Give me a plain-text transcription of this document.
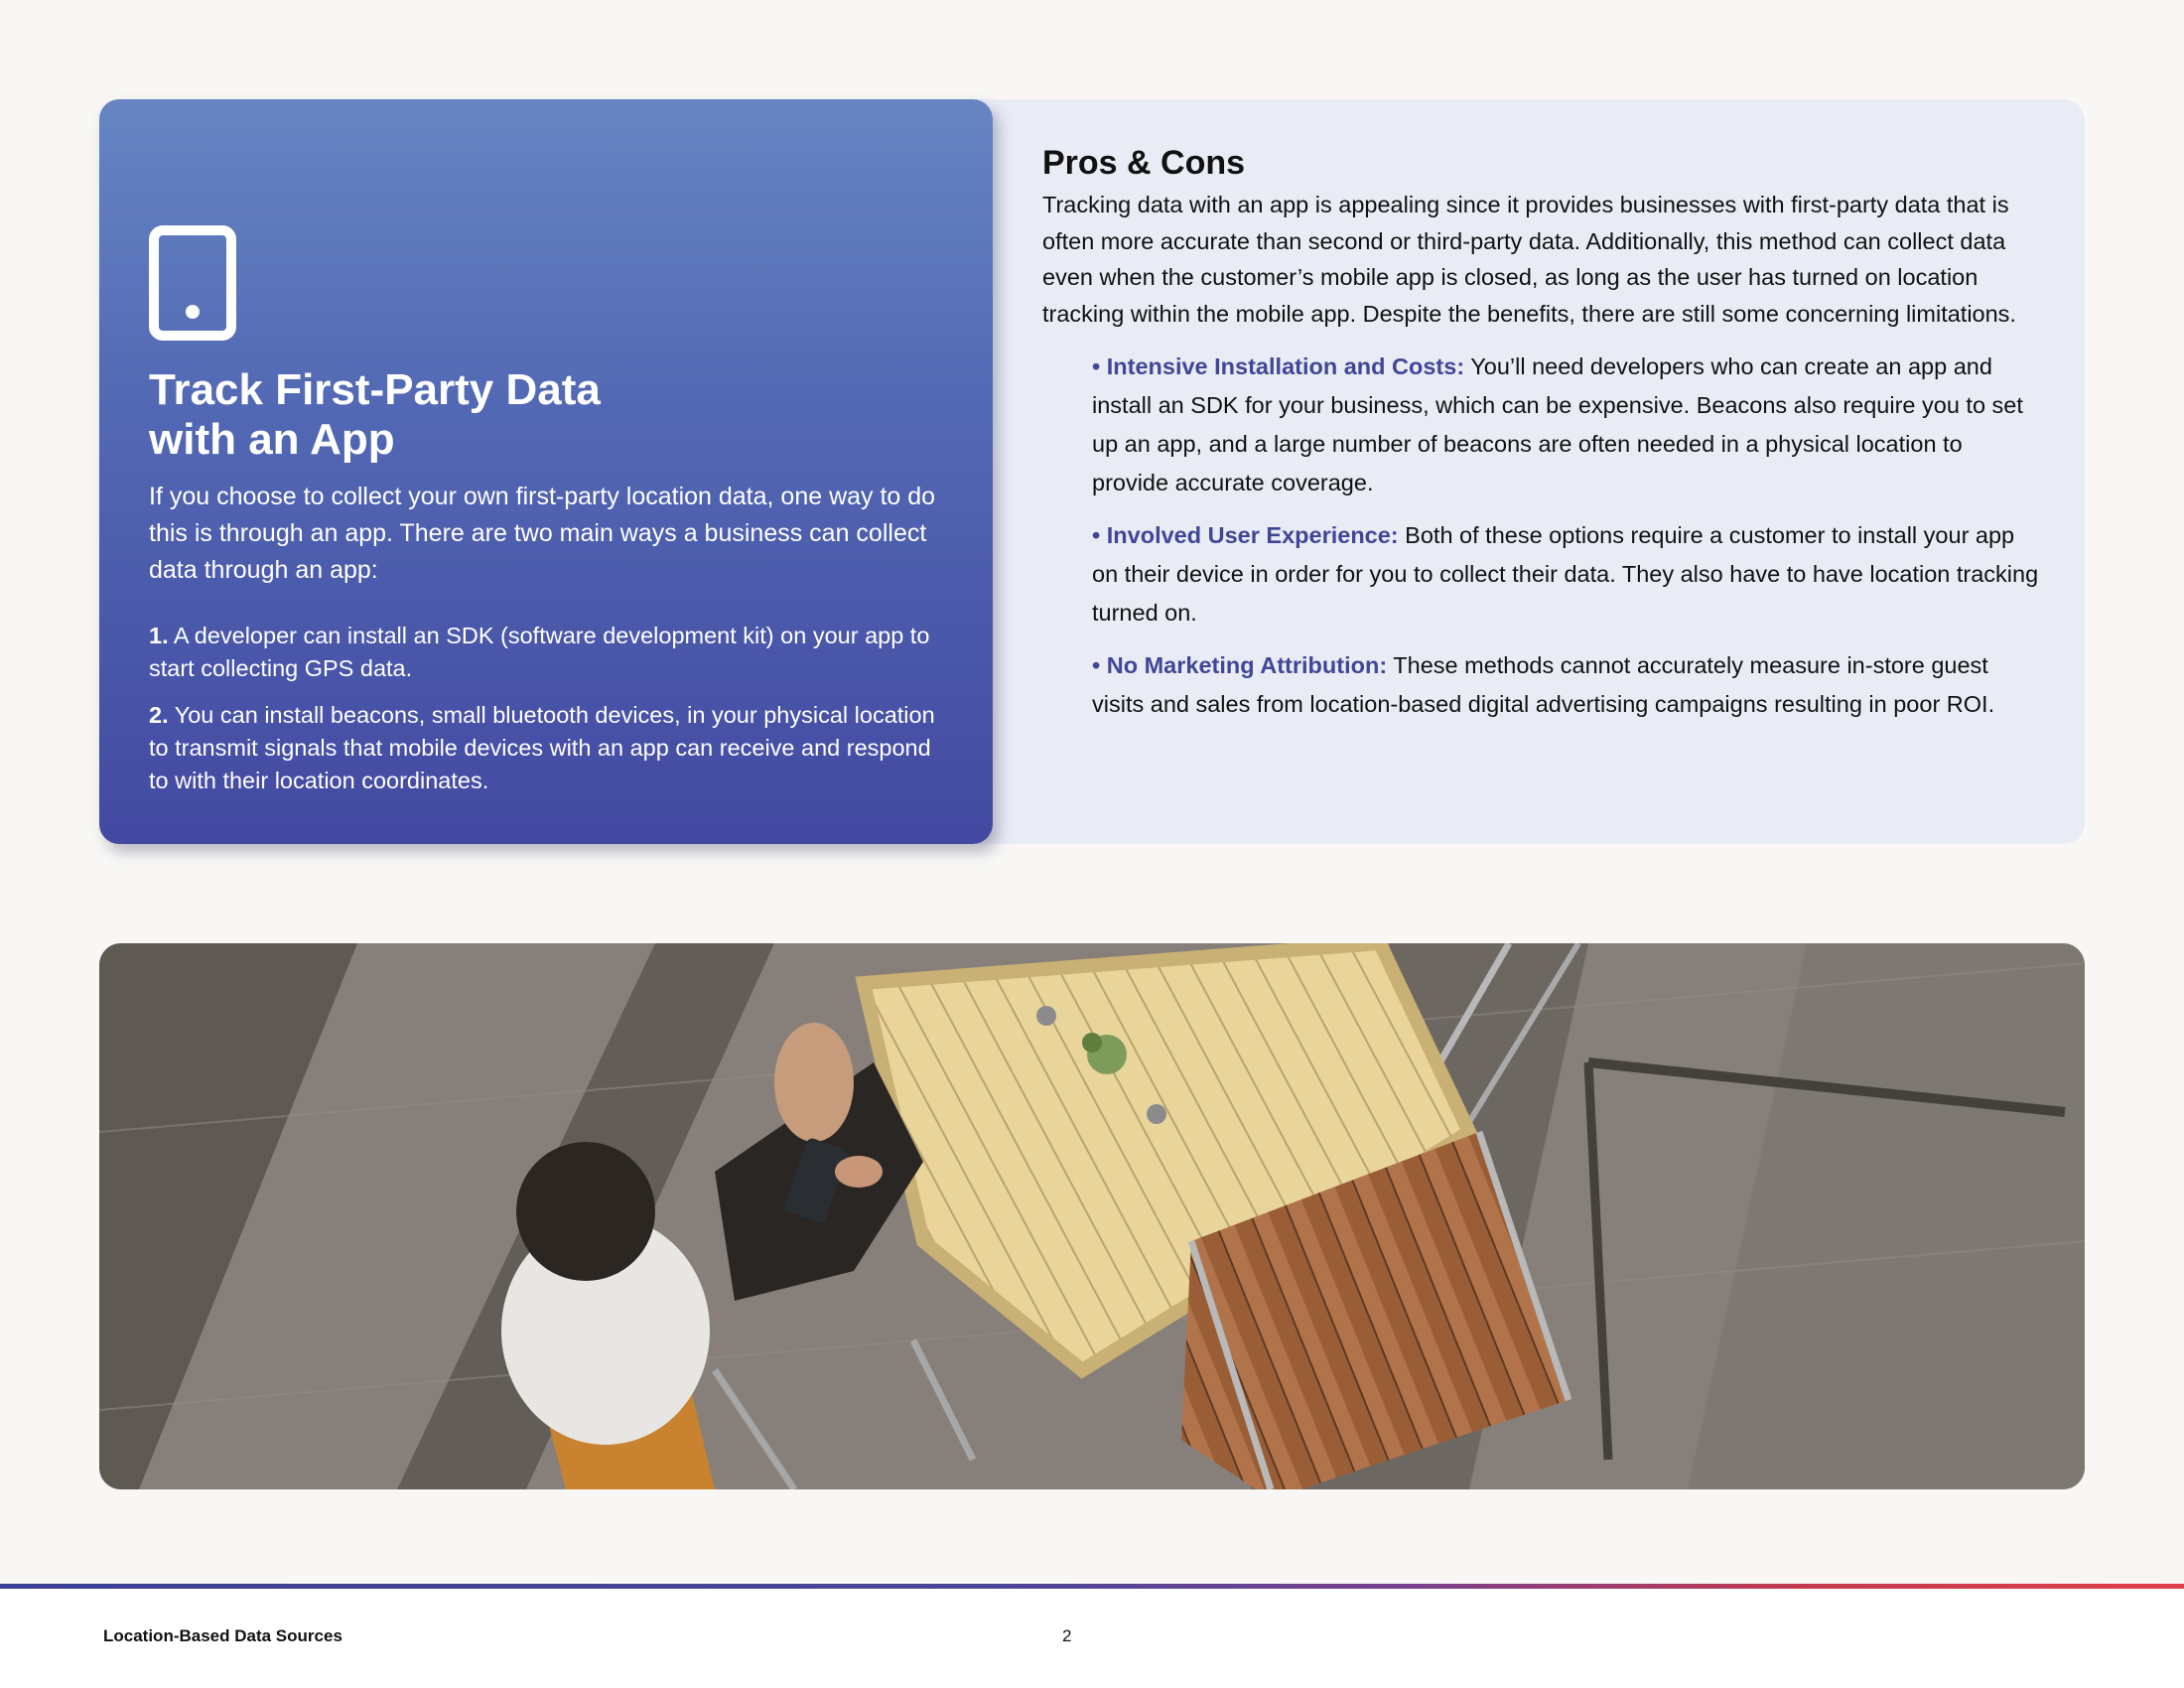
Track First-Party Data
with an App

If you choose to collect your own first-party location data, one way to do this is through an app. There are two main ways a business can collect data through an app:

1. A developer can install an SDK (software development kit) on your app to start collecting GPS data.

2. You can install beacons, small bluetooth devices, in your physical location to transmit signals that mobile devices with an app can receive and respond to with their location coordinates.

Pros & Cons

Tracking data with an app is appealing since it provides businesses with first-party data that is often more accurate than second or third-party data. Additionally, this method can collect data even when the customer’s mobile app is closed, as long as the user has turned on location tracking within the mobile app. Despite the benefits, there are still some concerning limitations.

• Intensive Installation and Costs: You’ll need developers who can create an app and install an SDK for your business, which can be expensive. Beacons also require you to set up an app, and a large number of beacons are often needed in a physical location to provide accurate coverage.

• Involved User Experience: Both of these options require a customer to install your app on their device in order for you to collect their data. They also have to have location tracking turned on.

• No Marketing Attribution: These methods cannot accurately measure in-store guest visits and sales from location-based digital advertising campaigns resulting in poor ROI.

Location-Based Data Sources	2
